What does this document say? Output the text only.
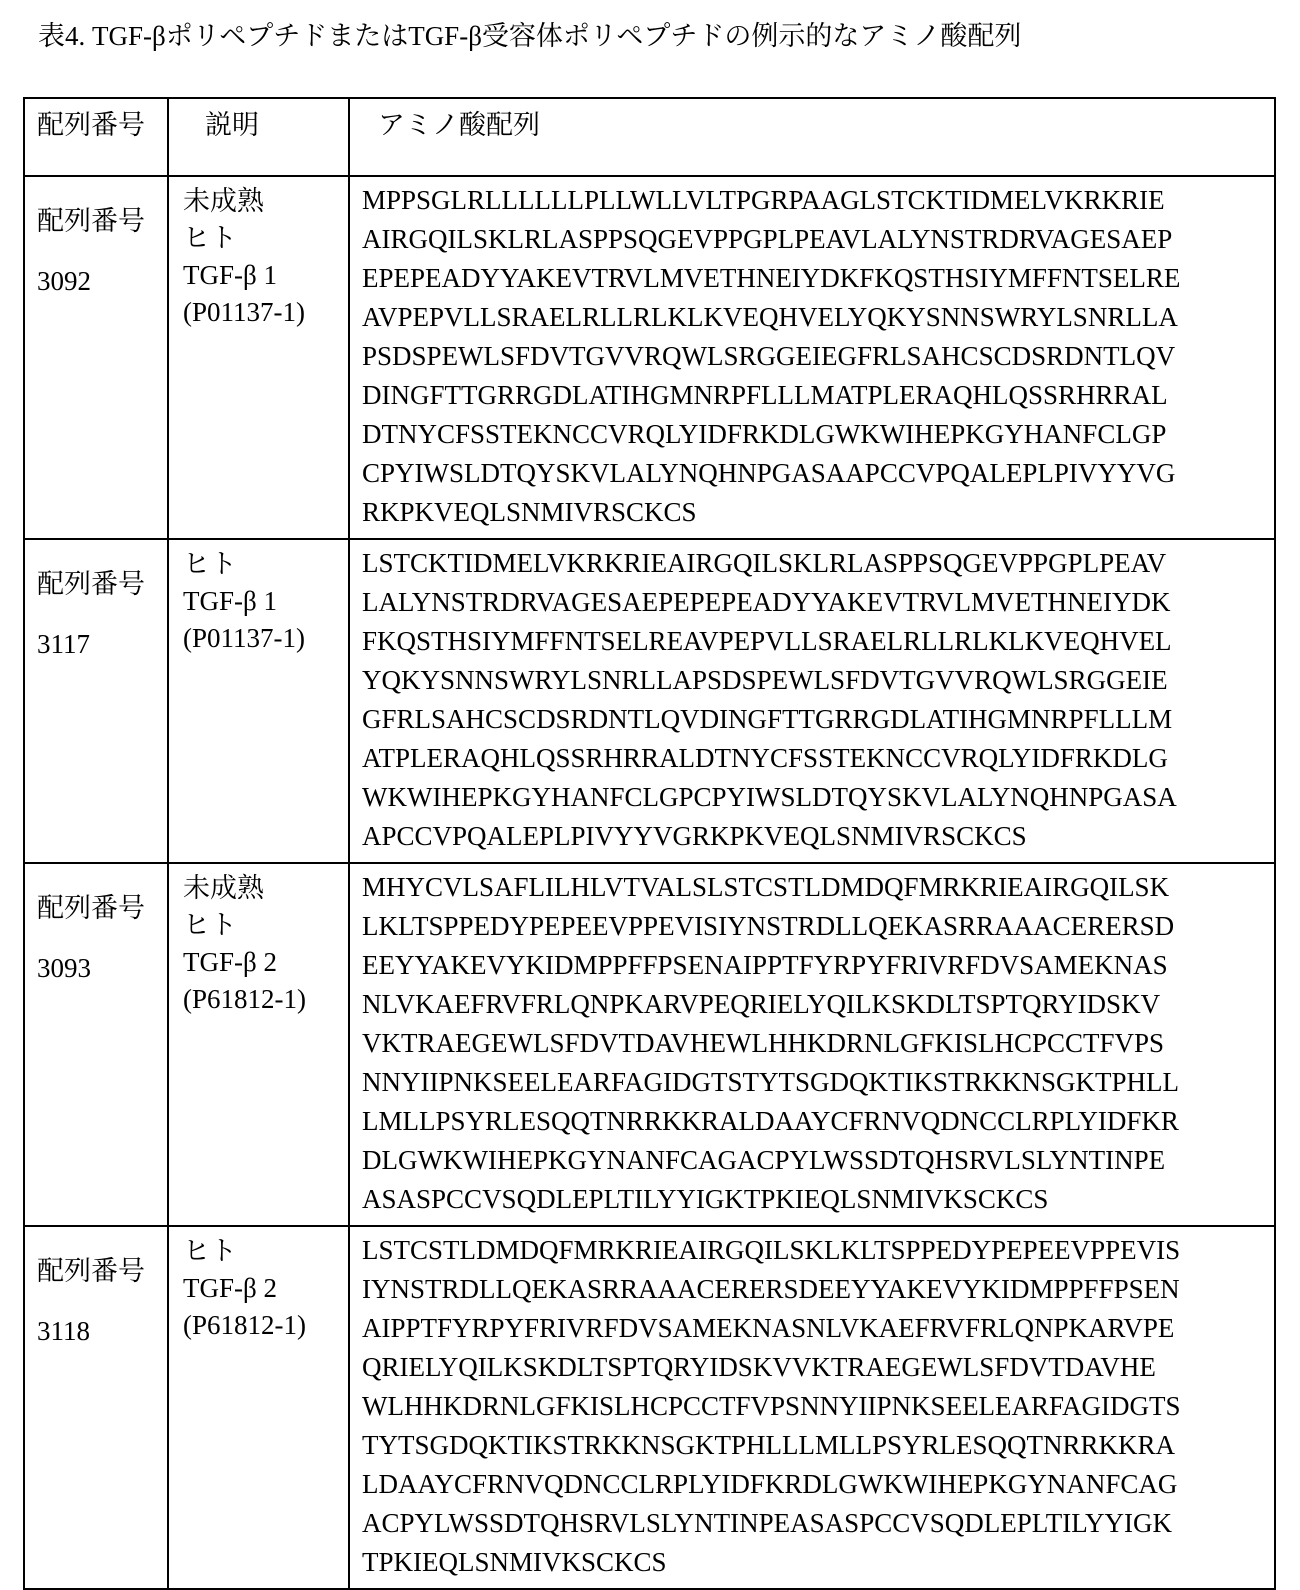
表4. TGF-βポリペプチドまたはTGF-β受容体ポリペプチドの例示的なアミノ酸配列
配列番号	説明	アミノ酸配列

配列番号
3092

未成熟
ヒト
TGF-β 1
(P01137-1)

MPPSGLRLLLLLLPLLWLLVLTPGRPAAGLSTCKTIDMELVKRKRIE
AIRGQILSKLRLASPPSQGEVPPGPLPEAVLALYNSTRDRVAGESAEP
EPEPEADYYAKEVTRVLMVETHNEIYDKFKQSTHSIYMFFNTSELRE
AVPEPVLLSRAELRLLRLKLKVEQHVELYQKYSNNSWRYLSNRLLA
PSDSPEWLSFDVTGVVRQWLSRGGEIEGFRLSAHCSCDSRDNTLQV
DINGFTTGRRGDLATIHGMNRPFLLLMATPLERAQHLQSSRHRRAL
DTNYCFSSTEKNCCVRQLYIDFRKDLGWKWIHEPKGYHANFCLGP
CPYIWSLDTQYSKVLALYNQHNPGASAAPCCVPQALEPLPIVYYVG
RKPKVEQLSNMIVRSCKCS

配列番号
3117

ヒト
TGF-β 1
(P01137-1)

LSTCKTIDMELVKRKRIEAIRGQILSKLRLASPPSQGEVPPGPLPEAV
LALYNSTRDRVAGESAEPEPEPEADYYAKEVTRVLMVETHNEIYDK
FKQSTHSIYMFFNTSELREAVPEPVLLSRAELRLLRLKLKVEQHVEL
YQKYSNNSWRYLSNRLLAPSDSPEWLSFDVTGVVRQWLSRGGEIE
GFRLSAHCSCDSRDNTLQVDINGFTTGRRGDLATIHGMNRPFLLLM
ATPLERAQHLQSSRHRRALDTNYCFSSTEKNCCVRQLYIDFRKDLG
WKWIHEPKGYHANFCLGPCPYIWSLDTQYSKVLALYNQHNPGASA
APCCVPQALEPLPIVYYVGRKPKVEQLSNMIVRSCKCS

配列番号
3093

未成熟
ヒト
TGF-β 2
(P61812-1)

MHYCVLSAFLILHLVTVALSLSTCSTLDMDQFMRKRIEAIRGQILSK
LKLTSPPEDYPEPEEVPPEVISIYNSTRDLLQEKASRRAAACERERSD
EEYYAKEVYKIDMPPFFPSENAIPPTFYRPYFRIVRFDVSAMEKNAS
NLVKAEFRVFRLQNPKARVPEQRIELYQILKSKDLTSPTQRYIDSKV
VKTRAEGEWLSFDVTDAVHEWLHHKDRNLGFKISLHCPCCTFVPS
NNYIIPNKSEELEARFAGIDGTSTYTSGDQKTIKSTRKKNSGKTPHLL
LMLLPSYRLESQQTNRRKKRALDAAYCFRNVQDNCCLRPLYIDFKR
DLGWKWIHEPKGYNANFCAGACPYLWSSDTQHSRVLSLYNTINPE
ASASPCCVSQDLEPLTILYYIGKTPKIEQLSNMIVKSCKCS

配列番号
3118

ヒト
TGF-β 2
(P61812-1)

LSTCSTLDMDQFMRKRIEAIRGQILSKLKLTSPPEDYPEPEEVPPEVIS
IYNSTRDLLQEKASRRAAACERERSDEEYYAKEVYKIDMPPFFPSEN
AIPPTFYRPYFRIVRFDVSAMEKNASNLVKAEFRVFRLQNPKARVPE
QRIELYQILKSKDLTSPTQRYIDSKVVKTRAEGEWLSFDVTDAVHE
WLHHKDRNLGFKISLHCPCCTFVPSNNYIIPNKSEELEARFAGIDGTS
TYTSGDQKTIKSTRKKNSGKTPHLLLMLLPSYRLESQQTNRRKKRA
LDAAYCFRNVQDNCCLRPLYIDFKRDLGWKWIHEPKGYNANFCAG
ACPYLWSSDTQHSRVLSLYNTINPEASASPCCVSQDLEPLTILYYIGK
TPKIEQLSNMIVKSCKCS
